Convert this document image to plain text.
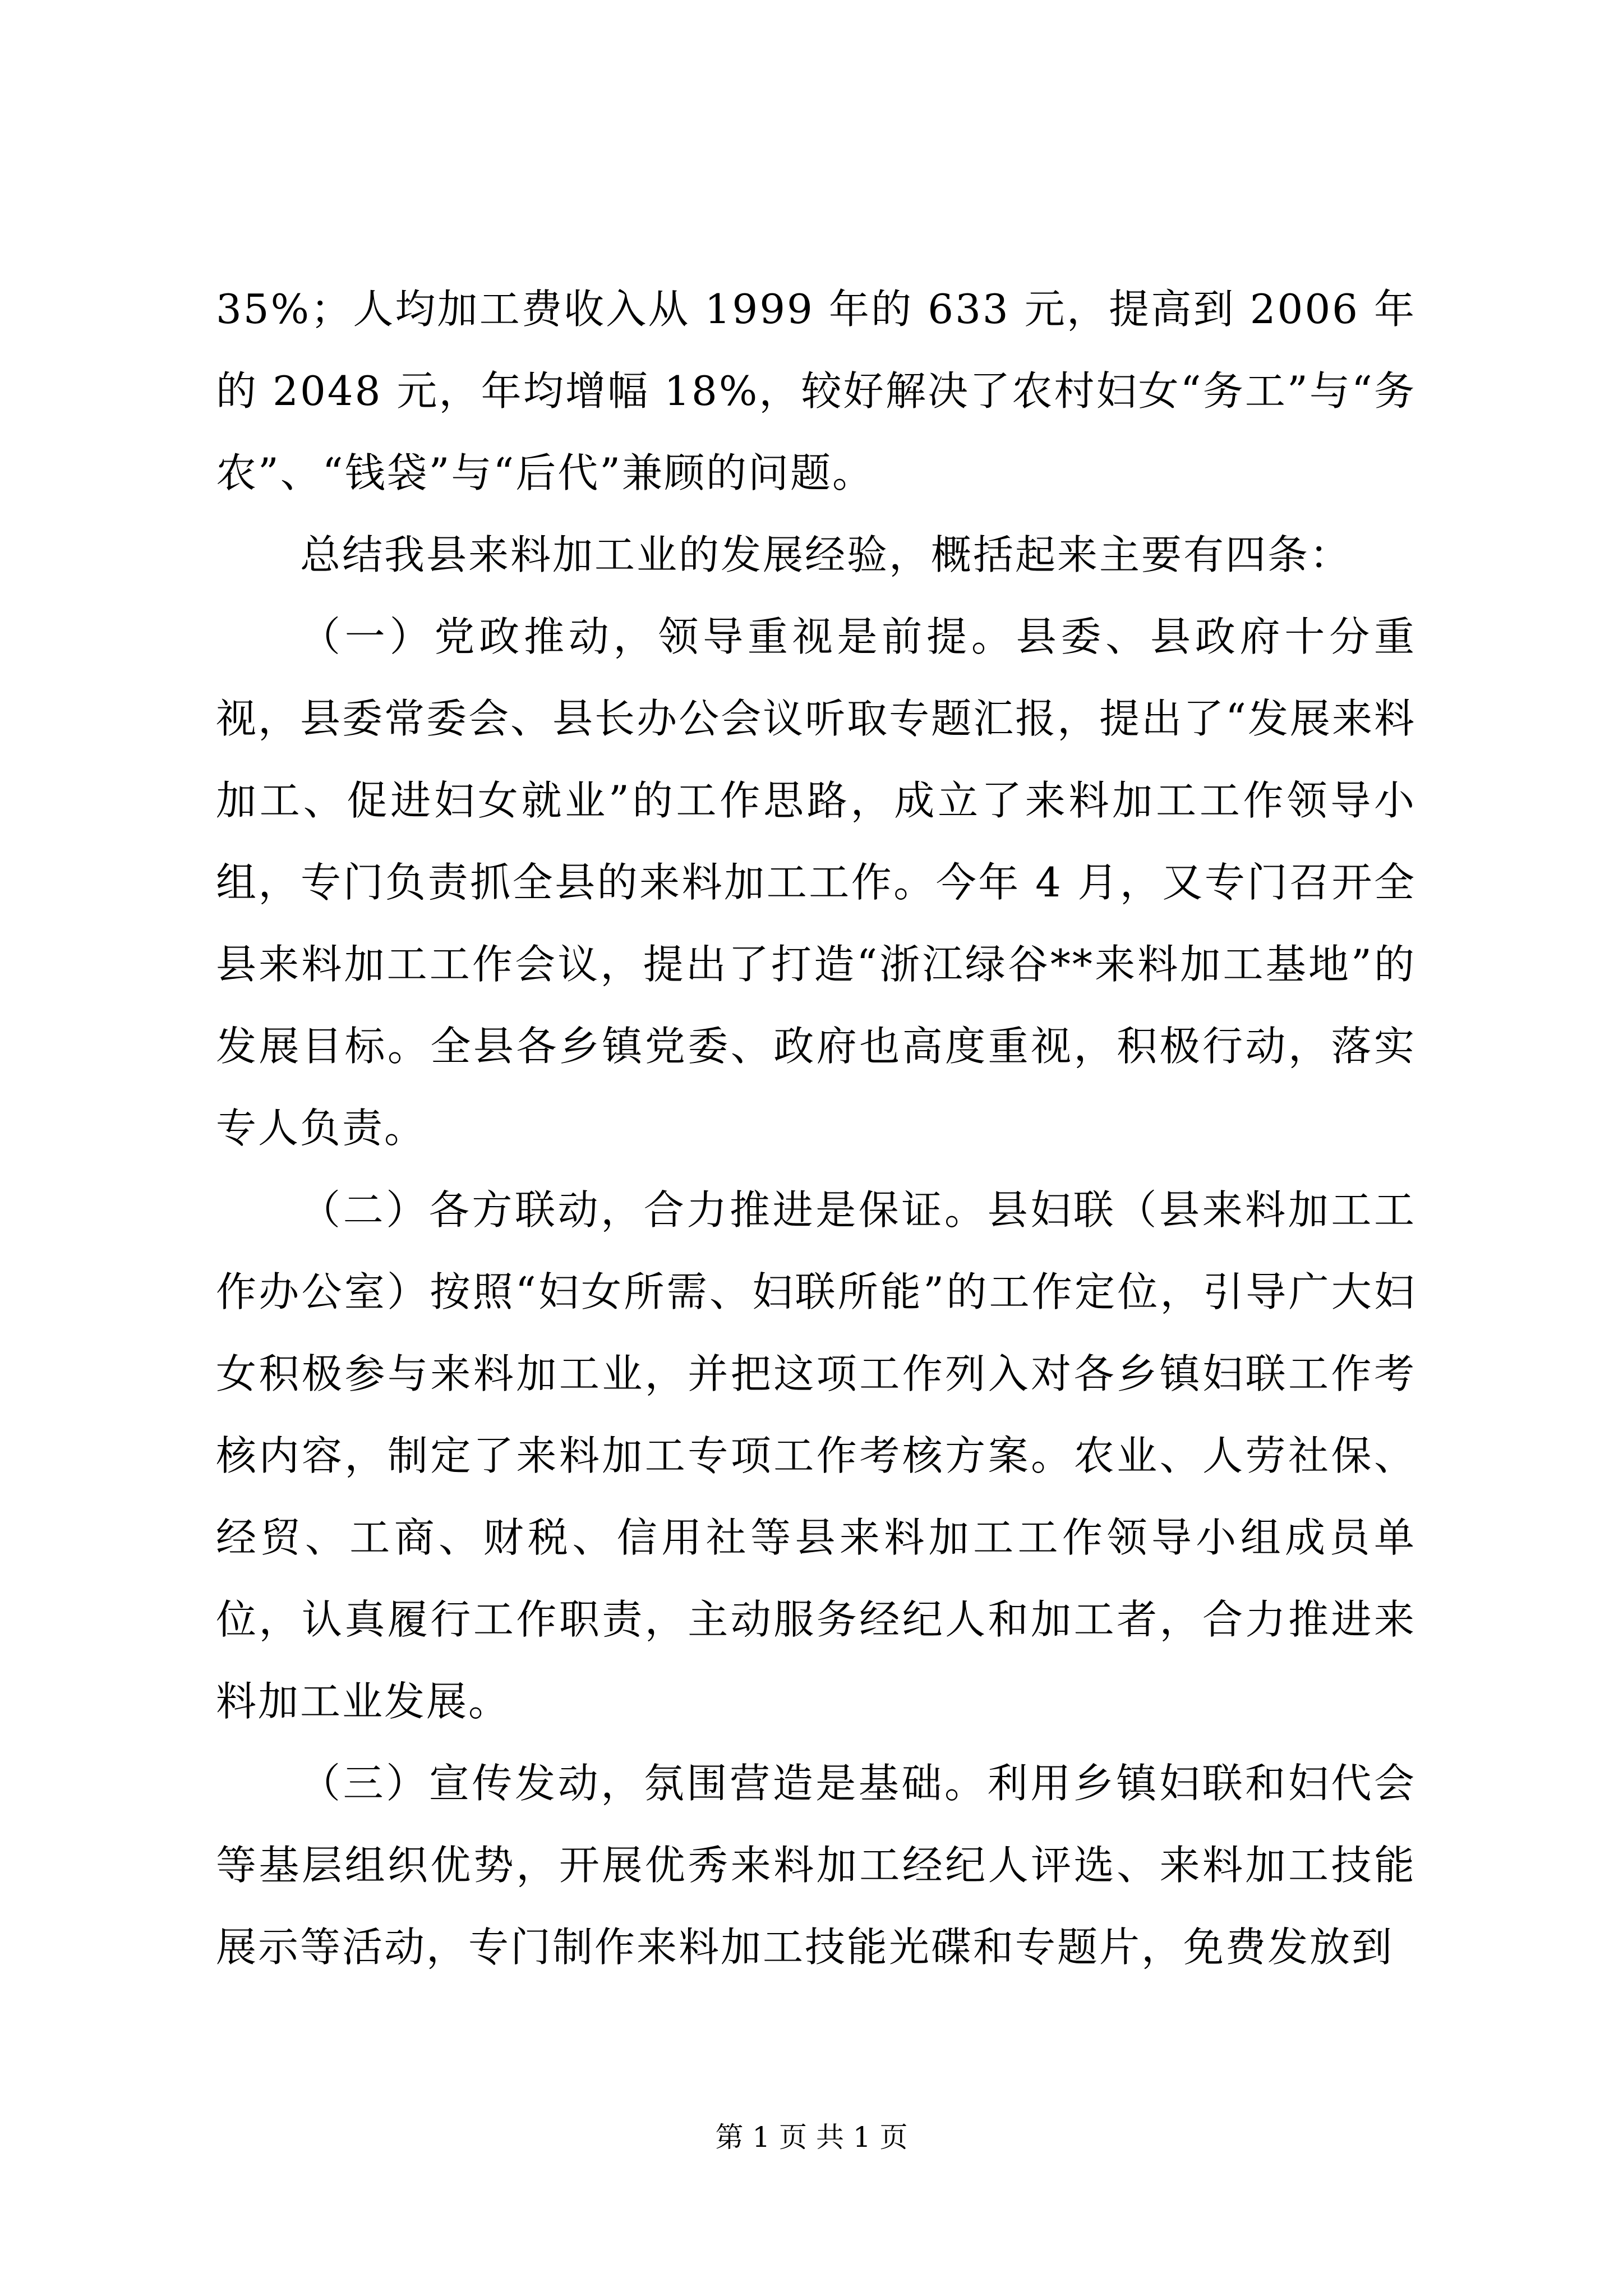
35%；人均加工费收入从 1999 年的 633 元，提高到 2006 年的 2048 元，年均增幅 18%，较好解决了农村妇女“务工”与“务农”、“钱袋”与“后代”兼顾的问题。

总结我县来料加工业的发展经验，概括起来主要有四条：

（一）党政推动，领导重视是前提。县委、县政府十分重视，县委常委会、县长办公会议听取专题汇报，提出了“发展来料加工、促进妇女就业”的工作思路，成立了来料加工工作领导小组，专门负责抓全县的来料加工工作。今年 4 月，又专门召开全县来料加工工作会议，提出了打造“浙江绿谷**来料加工基地”的发展目标。全县各乡镇党委、政府也高度重视，积极行动，落实专人负责。

（二）各方联动，合力推进是保证。县妇联（县来料加工工作办公室）按照“妇女所需、妇联所能”的工作定位，引导广大妇女积极参与来料加工业，并把这项工作列入对各乡镇妇联工作考核内容，制定了来料加工专项工作考核方案。农业、人劳社保、经贸、工商、财税、信用社等县来料加工工作领导小组成员单位，认真履行工作职责，主动服务经纪人和加工者，合力推进来料加工业发展。

（三）宣传发动，氛围营造是基础。利用乡镇妇联和妇代会等基层组织优势，开展优秀来料加工经纪人评选、来料加工技能展示等活动，专门制作来料加工技能光碟和专题片，免费发放到

第 1 页 共 1 页
